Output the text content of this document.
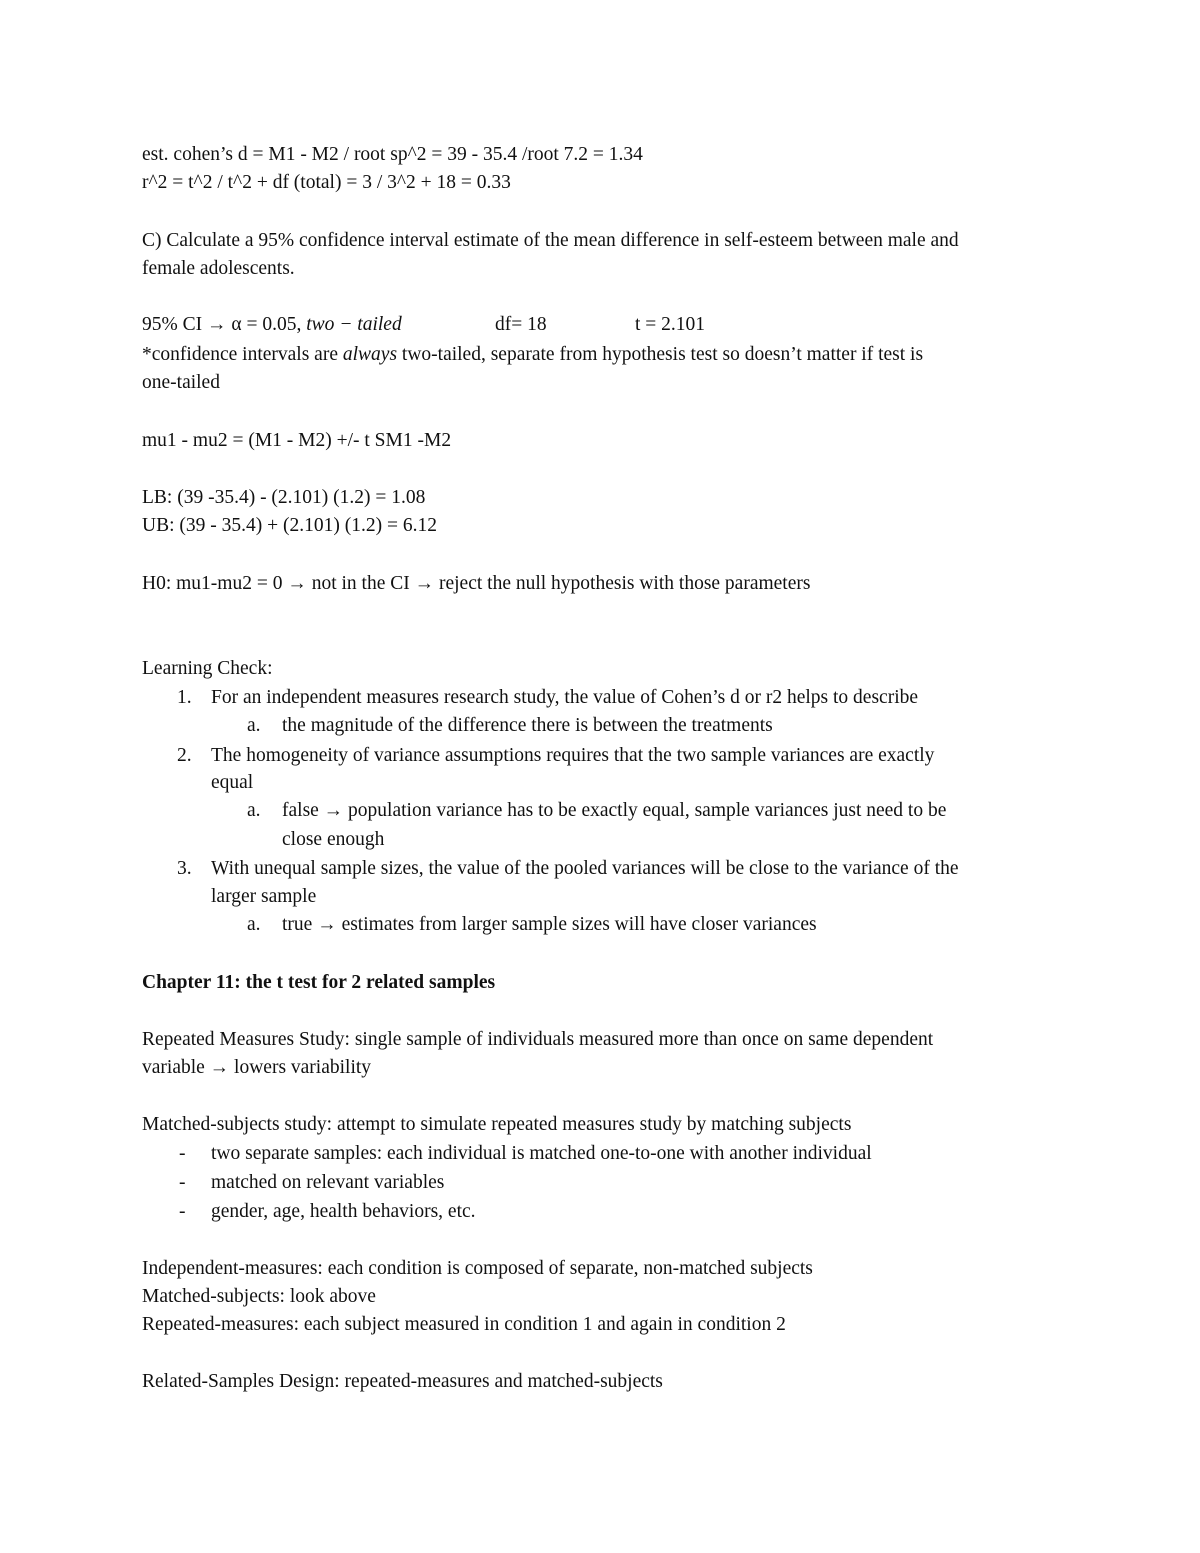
est. cohen’s d = M1 - M2 / root sp^2 = 39 - 35.4 /root 7.2 = 1.34

r^2 = t^2 / t^2 + df (total) = 3 / 3^2 + 18 = 0.33

C) Calculate a 95% confidence interval estimate of the mean difference in self-esteem between male and

female adolescents.

95% CI → α = 0.05, two − tailed	df= 18	t = 2.101

*confidence intervals are always two-tailed, separate from hypothesis test so doesn’t matter if test is

one-tailed

mu1 - mu2 = (M1 - M2) +/- t SM1 -M2

LB: (39 -35.4) - (2.101) (1.2) = 1.08

UB: (39 - 35.4) + (2.101) (1.2) = 6.12

H0: mu1-mu2 = 0 → not in the CI → reject the null hypothesis with those parameters

Learning Check:

1. For an independent measures research study, the value of Cohen’s d or r2 helps to describe

a. the magnitude of the difference there is between the treatments

2. The homogeneity of variance assumptions requires that the two sample variances are exactly

equal

a. false → population variance has to be exactly equal, sample variances just need to be

close enough

3. With unequal sample sizes, the value of the pooled variances will be close to the variance of the

larger sample

a. true → estimates from larger sample sizes will have closer variances

Chapter 11: the t test for 2 related samples

Repeated Measures Study: single sample of individuals measured more than once on same dependent

variable → lowers variability

Matched-subjects study: attempt to simulate repeated measures study by matching subjects

- two separate samples: each individual is matched one-to-one with another individual

- matched on relevant variables

- gender, age, health behaviors, etc.

Independent-measures: each condition is composed of separate, non-matched subjects

Matched-subjects: look above

Repeated-measures: each subject measured in condition 1 and again in condition 2

Related-Samples Design: repeated-measures and matched-subjects
